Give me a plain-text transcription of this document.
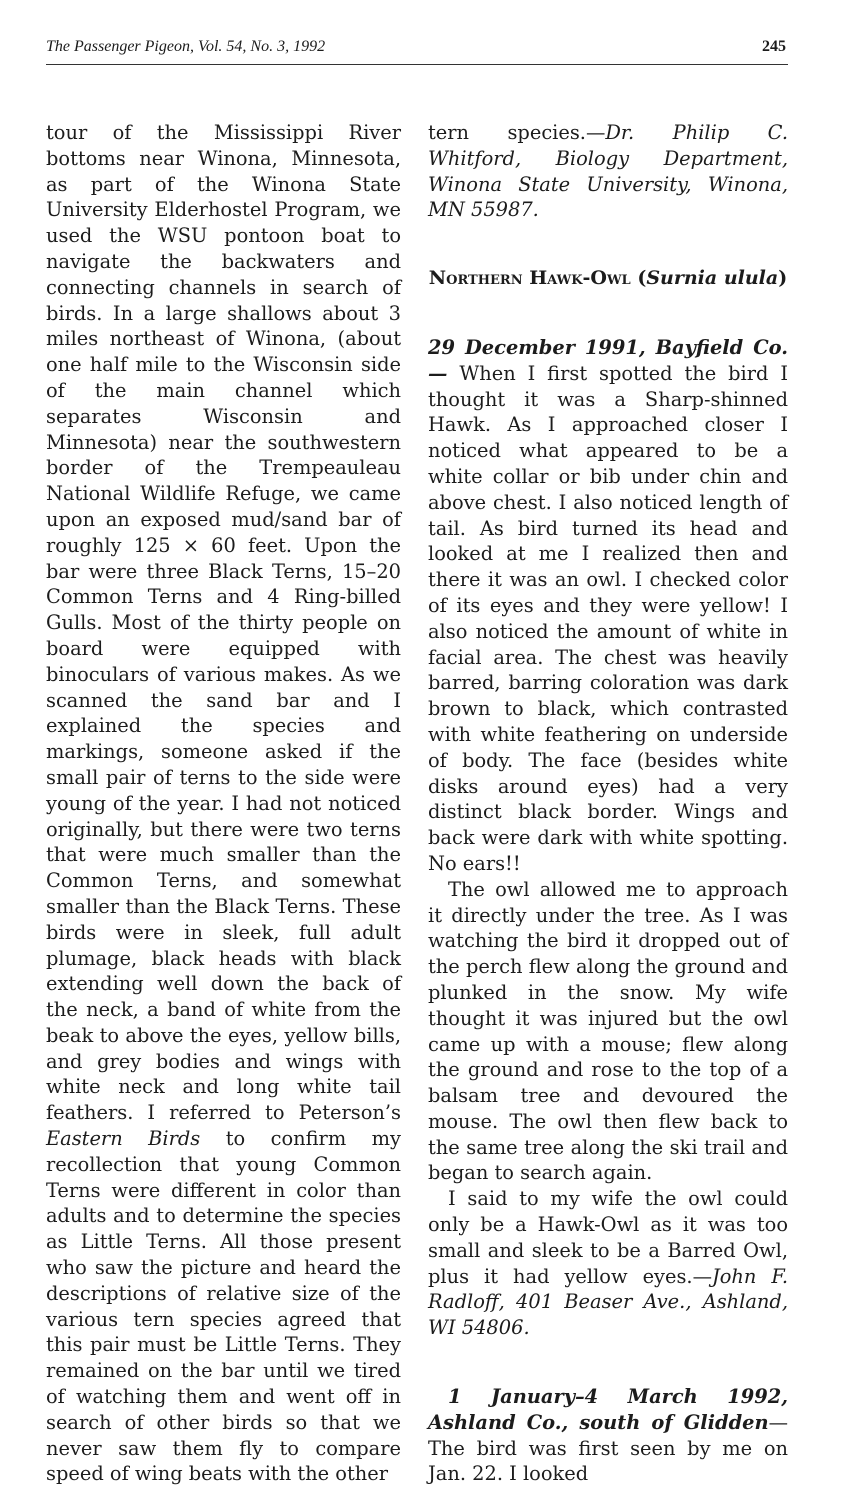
The Passenger Pigeon, Vol. 54, No. 3, 1992	245

tour of the Mississippi River bottoms near Winona, Minnesota, as part of the Winona State University Elderhostel Program, we used the WSU pontoon boat to navigate the backwaters and connecting channels in search of birds. In a large shallows about 3 miles northeast of Winona, (about one half mile to the Wisconsin side of the main channel which separates Wisconsin and Minnesota) near the southwestern border of the Trempeauleau National Wildlife Refuge, we came upon an exposed mud/sand bar of roughly 125 × 60 feet. Upon the bar were three Black Terns, 15–20 Common Terns and 4 Ring-billed Gulls. Most of the thirty people on board were equipped with binoculars of various makes. As we scanned the sand bar and I explained the species and markings, someone asked if the small pair of terns to the side were young of the year. I had not noticed originally, but there were two terns that were much smaller than the Common Terns, and somewhat smaller than the Black Terns. These birds were in sleek, full adult plumage, black heads with black extending well down the back of the neck, a band of white from the beak to above the eyes, yellow bills, and grey bodies and wings with white neck and long white tail feathers. I referred to Peterson’s Eastern Birds to confirm my recollection that young Common Terns were different in color than adults and to determine the species as Little Terns. All those present who saw the picture and heard the descriptions of relative size of the various tern species agreed that this pair must be Little Terns. They remained on the bar until we tired of watching them and went off in search of other birds so that we never saw them fly to compare speed of wing beats with the other

tern species.—Dr. Philip C. Whitford, Biology Department, Winona State University, Winona, MN 55987.

Northern Hawk-Owl (Surnia ulula)

29 December 1991, Bayfield Co.— When I first spotted the bird I thought it was a Sharp-shinned Hawk. As I approached closer I noticed what appeared to be a white collar or bib under chin and above chest. I also noticed length of tail. As bird turned its head and looked at me I realized then and there it was an owl. I checked color of its eyes and they were yellow! I also noticed the amount of white in facial area. The chest was heavily barred, barring coloration was dark brown to black, which contrasted with white feathering on underside of body. The face (besides white disks around eyes) had a very distinct black border. Wings and back were dark with white spotting. No ears!!

The owl allowed me to approach it directly under the tree. As I was watching the bird it dropped out of the perch flew along the ground and plunked in the snow. My wife thought it was injured but the owl came up with a mouse; flew along the ground and rose to the top of a balsam tree and devoured the mouse. The owl then flew back to the same tree along the ski trail and began to search again.

I said to my wife the owl could only be a Hawk-Owl as it was too small and sleek to be a Barred Owl, plus it had yellow eyes.—John F. Radloff, 401 Beaser Ave., Ashland, WI 54806.

1 January–4 March 1992, Ashland Co., south of Glidden—The bird was first seen by me on Jan. 22. I looked
